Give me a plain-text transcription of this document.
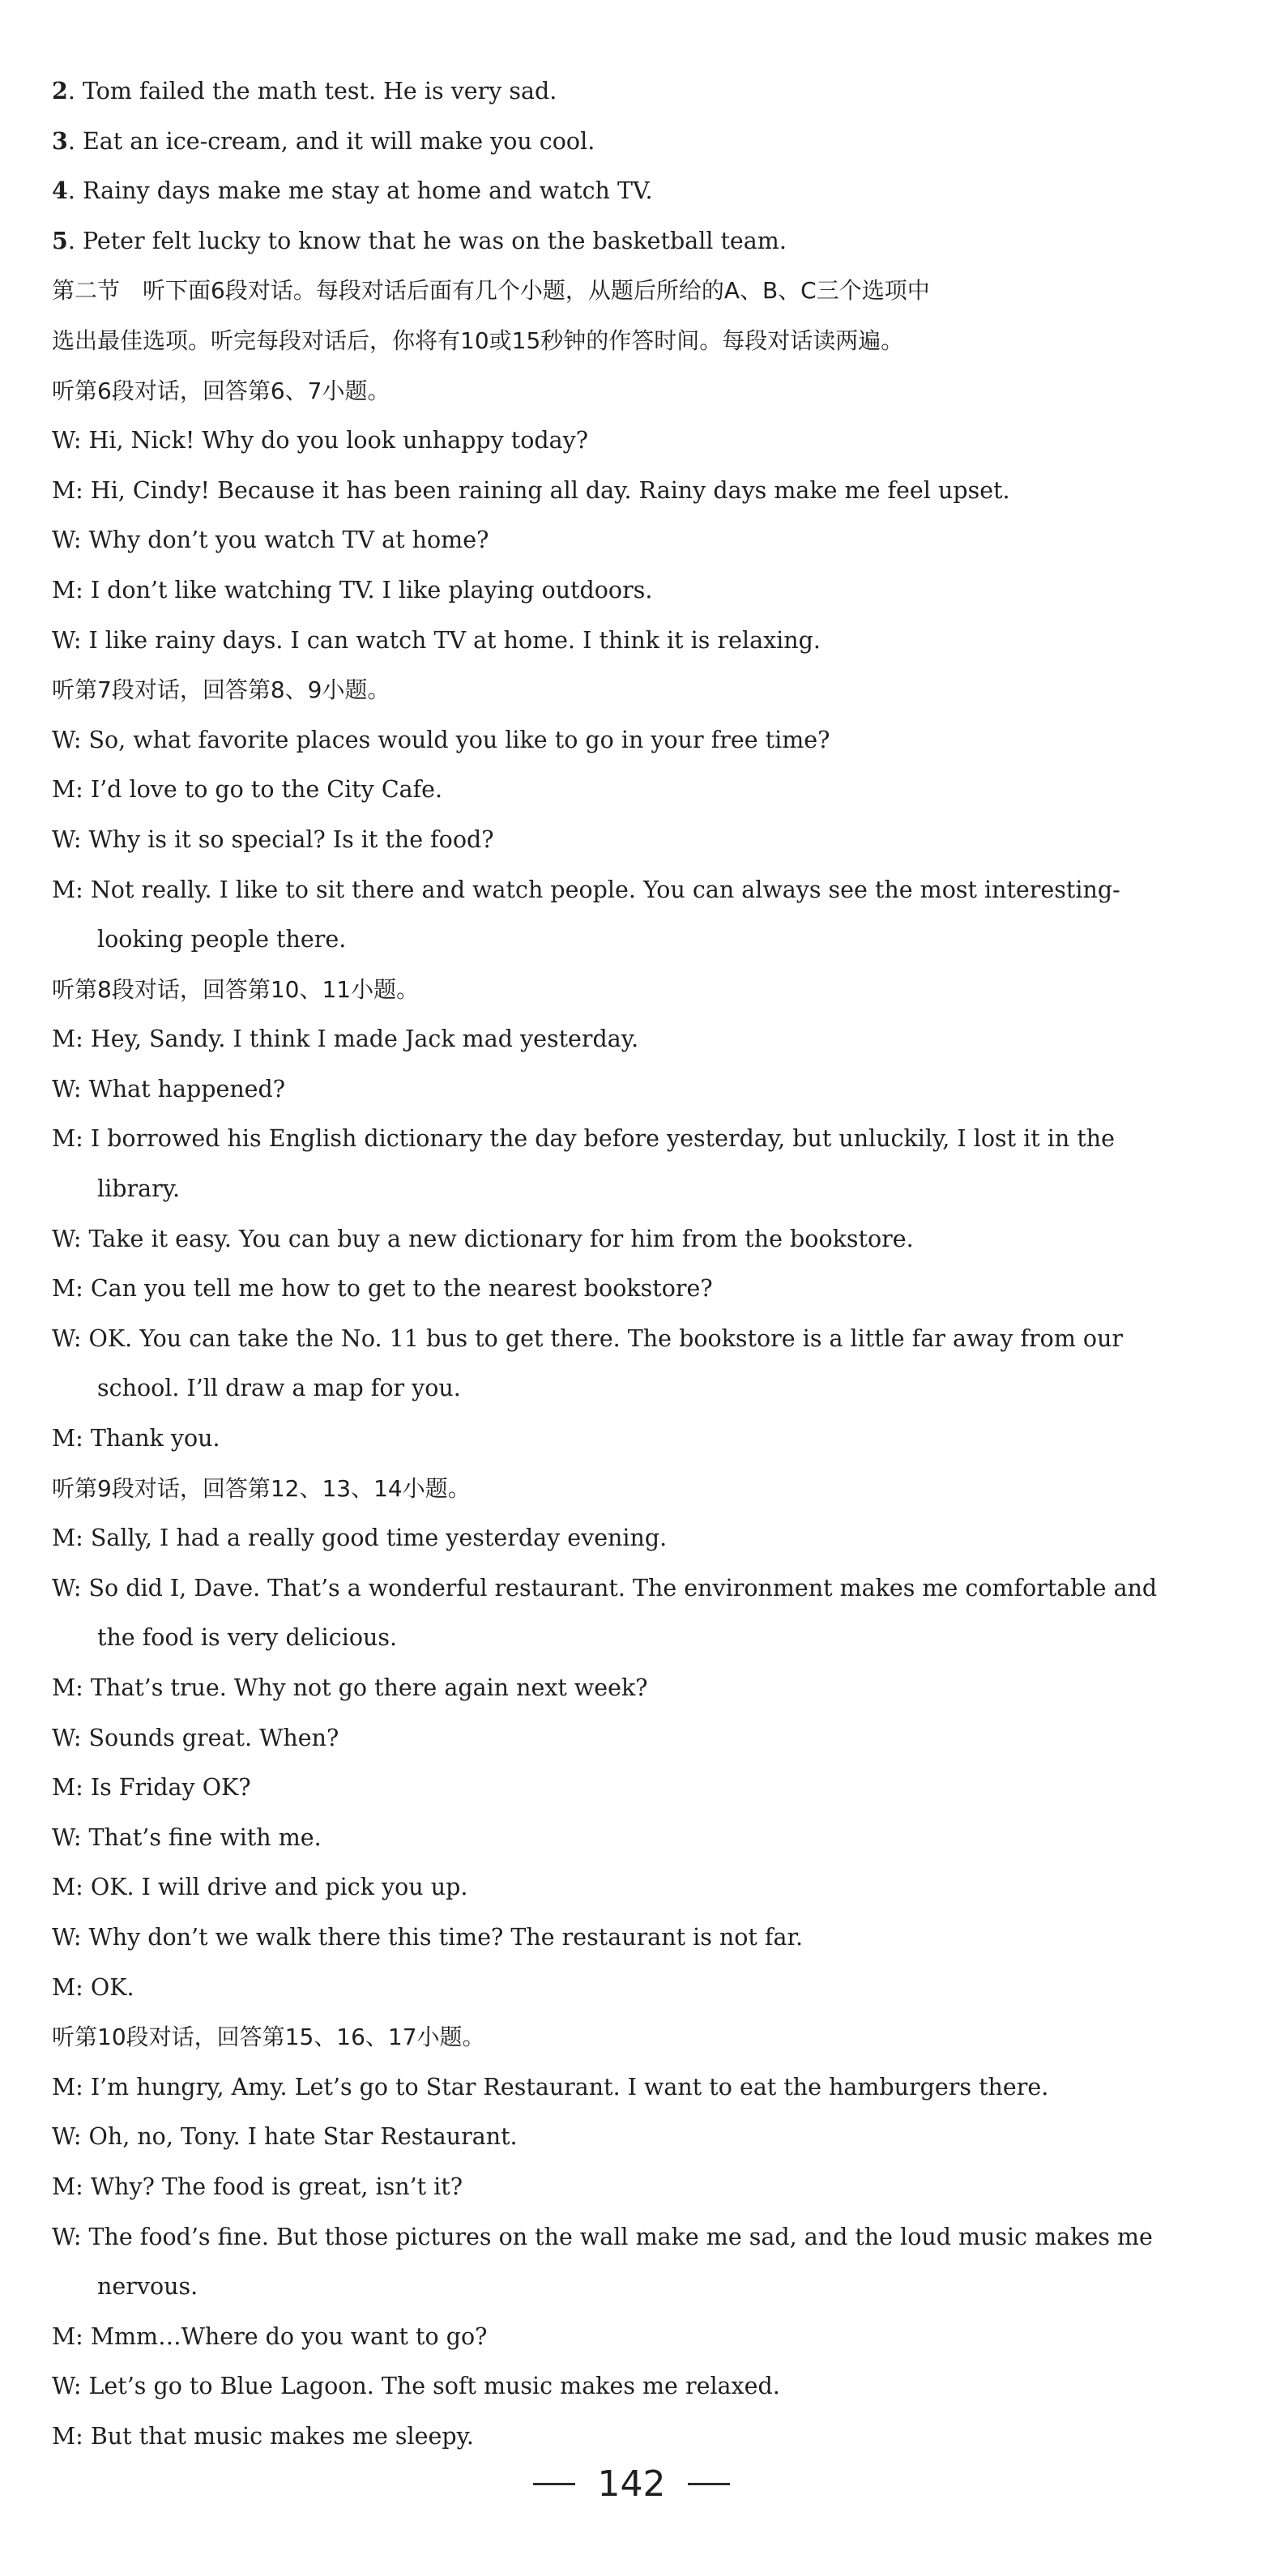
2. Tom failed the math test. He is very sad.
3. Eat an ice-cream, and it will make you cool.
4. Rainy days make me stay at home and watch TV.
5. Peter felt lucky to know that he was on the basketball team.
第二节　听下面6段对话。每段对话后面有几个小题，从题后所给的A、B、C三个选项中
选出最佳选项。听完每段对话后，你将有10或15秒钟的作答时间。每段对话读两遍。
听第6段对话，回答第6、7小题。
W: Hi, Nick! Why do you look unhappy today?
M: Hi, Cindy! Because it has been raining all day. Rainy days make me feel upset.
W: Why don’t you watch TV at home?
M: I don’t like watching TV. I like playing outdoors.
W: I like rainy days. I can watch TV at home. I think it is relaxing.
听第7段对话，回答第8、9小题。
W: So, what favorite places would you like to go in your free time?
M: I’d love to go to the City Cafe.
W: Why is it so special? Is it the food?
M: Not really. I like to sit there and watch people. You can always see the most interesting-
looking people there.
听第8段对话，回答第10、11小题。
M: Hey, Sandy. I think I made Jack mad yesterday.
W: What happened?
M: I borrowed his English dictionary the day before yesterday, but unluckily, I lost it in the
library.
W: Take it easy. You can buy a new dictionary for him from the bookstore.
M: Can you tell me how to get to the nearest bookstore?
W: OK. You can take the No. 11 bus to get there. The bookstore is a little far away from our
school. I’ll draw a map for you.
M: Thank you.
听第9段对话，回答第12、13、14小题。
M: Sally, I had a really good time yesterday evening.
W: So did I, Dave. That’s a wonderful restaurant. The environment makes me comfortable and
the food is very delicious.
M: That’s true. Why not go there again next week?
W: Sounds great. When?
M: Is Friday OK?
W: That’s fine with me.
M: OK. I will drive and pick you up.
W: Why don’t we walk there this time? The restaurant is not far.
M: OK.
听第10段对话，回答第15、16、17小题。
M: I’m hungry, Amy. Let’s go to Star Restaurant. I want to eat the hamburgers there.
W: Oh, no, Tony. I hate Star Restaurant.
M: Why? The food is great, isn’t it?
W: The food’s fine. But those pictures on the wall make me sad, and the loud music makes me
nervous.
M: Mmm…Where do you want to go?
W: Let’s go to Blue Lagoon. The soft music makes me relaxed.
M: But that music makes me sleepy.
142
